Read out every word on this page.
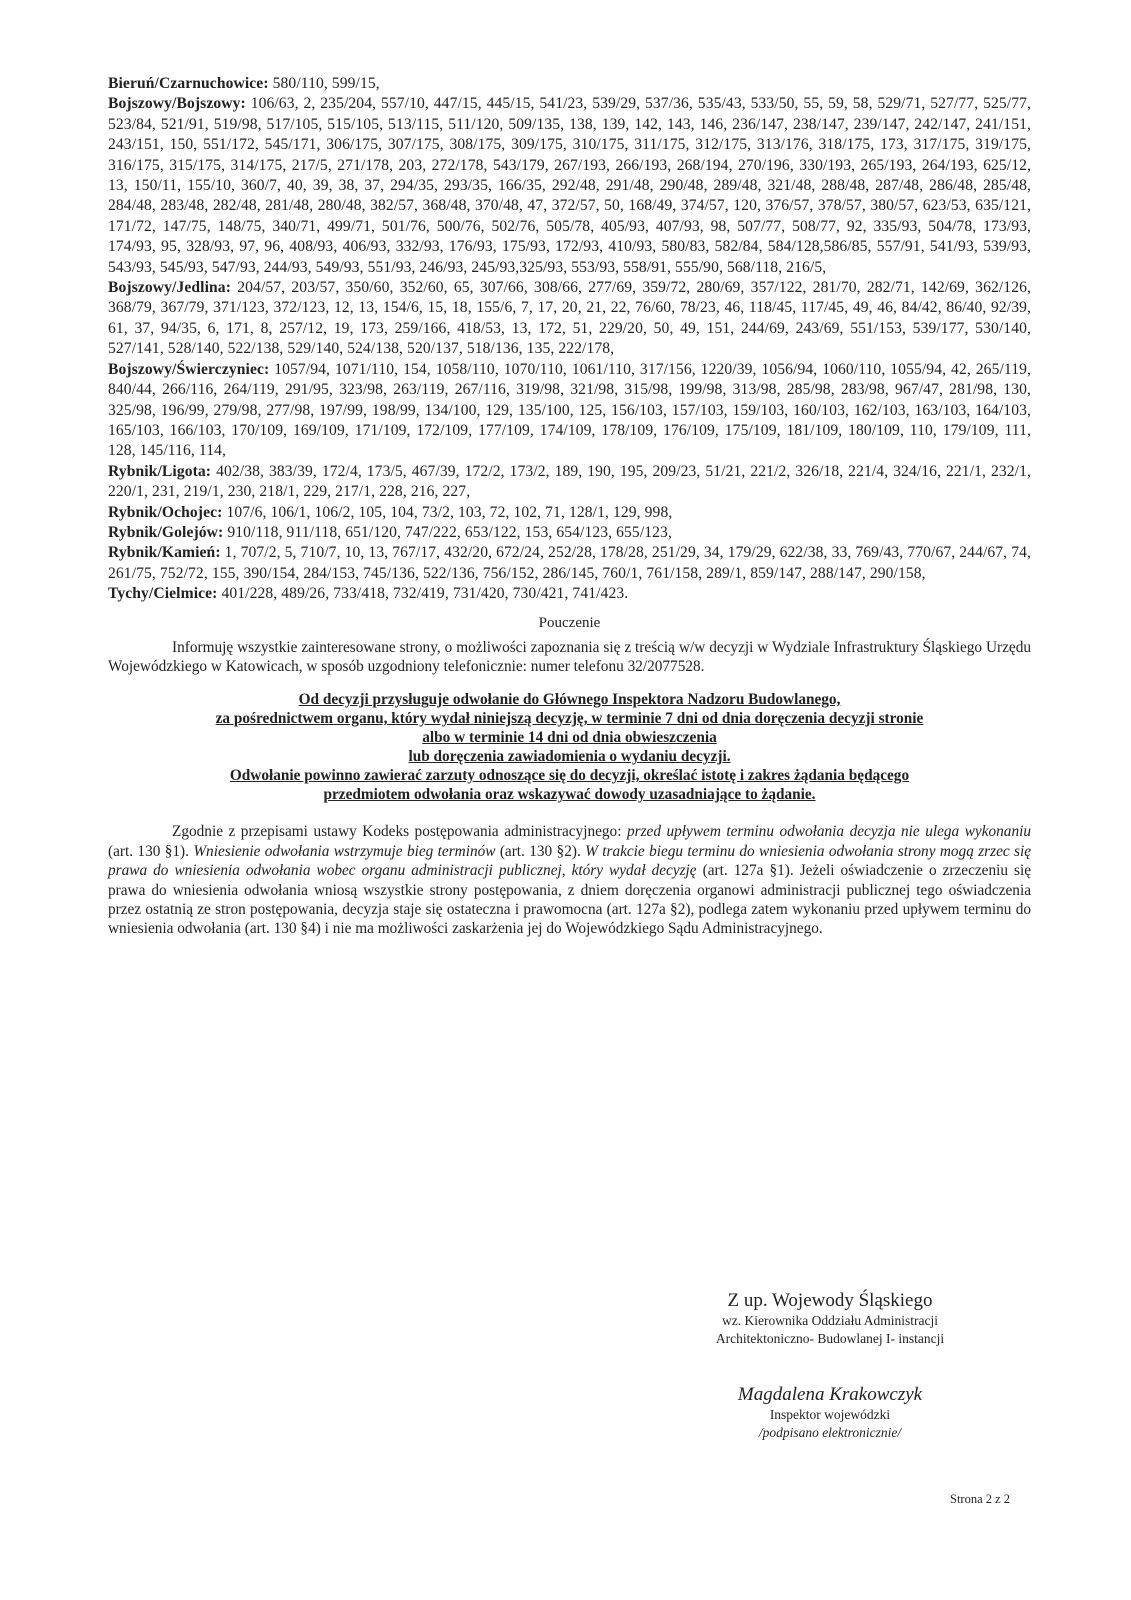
Bieruń/Czarnuchowice: 580/110, 599/15,

Bojszowy/Bojszowy: 106/63, 2, 235/204, 557/10, 447/15, 445/15, 541/23, 539/29, 537/36, 535/43, 533/50, 55, 59, 58, 529/71, 527/77, 525/77, 523/84, 521/91, 519/98, 517/105, 515/105, 513/115, 511/120, 509/135, 138, 139, 142, 143, 146, 236/147, 238/147, 239/147, 242/147, 241/151, 243/151, 150, 551/172, 545/171, 306/175, 307/175, 308/175, 309/175, 310/175, 311/175, 312/175, 313/176, 318/175, 173, 317/175, 319/175, 316/175, 315/175, 314/175, 217/5, 271/178, 203, 272/178, 543/179, 267/193, 266/193, 268/194, 270/196, 330/193, 265/193, 264/193, 625/12, 13, 150/11, 155/10, 360/7, 40, 39, 38, 37, 294/35, 293/35, 166/35, 292/48, 291/48, 290/48, 289/48, 321/48, 288/48, 287/48, 286/48, 285/48, 284/48, 283/48, 282/48, 281/48, 280/48, 382/57, 368/48, 370/48, 47, 372/57, 50, 168/49, 374/57, 120, 376/57, 378/57, 380/57, 623/53, 635/121, 171/72, 147/75, 148/75, 340/71, 499/71, 501/76, 500/76, 502/76, 505/78, 405/93, 407/93, 98, 507/77, 508/77, 92, 335/93, 504/78, 173/93, 174/93, 95, 328/93, 97, 96, 408/93, 406/93, 332/93, 176/93, 175/93, 172/93, 410/93, 580/83, 582/84, 584/128,586/85, 557/91, 541/93, 539/93, 543/93, 545/93, 547/93, 244/93, 549/93, 551/93, 246/93, 245/93,325/93, 553/93, 558/91, 555/90, 568/118, 216/5,

Bojszowy/Jedlina: 204/57, 203/57, 350/60, 352/60, 65, 307/66, 308/66, 277/69, 359/72, 280/69, 357/122, 281/70, 282/71, 142/69, 362/126, 368/79, 367/79, 371/123, 372/123, 12, 13, 154/6, 15, 18, 155/6, 7, 17, 20, 21, 22, 76/60, 78/23, 46, 118/45, 117/45, 49, 46, 84/42, 86/40, 92/39, 61, 37, 94/35, 6, 171, 8, 257/12, 19, 173, 259/166, 418/53, 13, 172, 51, 229/20, 50, 49, 151, 244/69, 243/69, 551/153, 539/177, 530/140, 527/141, 528/140, 522/138, 529/140, 524/138, 520/137, 518/136, 135, 222/178,

Bojszowy/Świerczyniec: 1057/94, 1071/110, 154, 1058/110, 1070/110, 1061/110, 317/156, 1220/39, 1056/94, 1060/110, 1055/94, 42, 265/119, 840/44, 266/116, 264/119, 291/95, 323/98, 263/119, 267/116, 319/98, 321/98, 315/98, 199/98, 313/98, 285/98, 283/98, 967/47, 281/98, 130, 325/98, 196/99, 279/98, 277/98, 197/99, 198/99, 134/100, 129, 135/100, 125, 156/103, 157/103, 159/103, 160/103, 162/103, 163/103, 164/103, 165/103, 166/103, 170/109, 169/109, 171/109, 172/109, 177/109, 174/109, 178/109, 176/109, 175/109, 181/109, 180/109, 110, 179/109, 111, 128, 145/116, 114,

Rybnik/Ligota: 402/38, 383/39, 172/4, 173/5, 467/39, 172/2, 173/2, 189, 190, 195, 209/23, 51/21, 221/2, 326/18, 221/4, 324/16, 221/1, 232/1, 220/1, 231, 219/1, 230, 218/1, 229, 217/1, 228, 216, 227,

Rybnik/Ochojec: 107/6, 106/1, 106/2, 105, 104, 73/2, 103, 72, 102, 71, 128/1, 129, 998,

Rybnik/Golejów: 910/118, 911/118, 651/120, 747/222, 653/122, 153, 654/123, 655/123,

Rybnik/Kamień: 1, 707/2, 5, 710/7, 10, 13, 767/17, 432/20, 672/24, 252/28, 178/28, 251/29, 34, 179/29, 622/38, 33, 769/43, 770/67, 244/67, 74, 261/75, 752/72, 155, 390/154, 284/153, 745/136, 522/136, 756/152, 286/145, 760/1, 761/158, 289/1, 859/147, 288/147, 290/158,

Tychy/Cielmice: 401/228, 489/26, 733/418, 732/419, 731/420, 730/421, 741/423.

Pouczenie

Informuję wszystkie zainteresowane strony, o możliwości zapoznania się z treścią w/w decyzji w Wydziale Infrastruktury Śląskiego Urzędu Wojewódzkiego w Katowicach, w sposób uzgodniony telefonicznie: numer telefonu 32/2077528.

Od decyzji przysługuje odwołanie do Głównego Inspektora Nadzoru Budowlanego,
za pośrednictwem organu, który wydał niniejszą decyzję, w terminie 7 dni od dnia doręczenia decyzji stronie
albo w terminie 14 dni od dnia obwieszczenia
lub doręczenia zawiadomienia o wydaniu decyzji.
Odwołanie powinno zawierać zarzuty odnoszące się do decyzji, określać istotę i zakres żądania będącego
przedmiotem odwołania oraz wskazywać dowody uzasadniające to żądanie.

Zgodnie z przepisami ustawy Kodeks postępowania administracyjnego: przed upływem terminu odwołania decyzja nie ulega wykonaniu (art. 130 §1). Wniesienie odwołania wstrzymuje bieg terminów (art. 130 §2). W trakcie biegu terminu do wniesienia odwołania strony mogą zrzec się prawa do wniesienia odwołania wobec organu administracji publicznej, który wydał decyzję (art. 127a §1). Jeżeli oświadczenie o zrzeczeniu się prawa do wniesienia odwołania wniosą wszystkie strony postępowania, z dniem doręczenia organowi administracji publicznej tego oświadczenia przez ostatnią ze stron postępowania, decyzja staje się ostateczna i prawomocna (art. 127a §2), podlega zatem wykonaniu przed upływem terminu do wniesienia odwołania (art. 130 §4) i nie ma możliwości zaskarżenia jej do Wojewódzkiego Sądu Administracyjnego.

Z up. Wojewody Śląskiego
wz. Kierownika Oddziału Administracji
Architektoniczno- Budowlanej I- instancji
Magdalena Krakowczyk
Inspektor wojewódzki
/podpisano elektronicznie/
Strona 2 z 2
